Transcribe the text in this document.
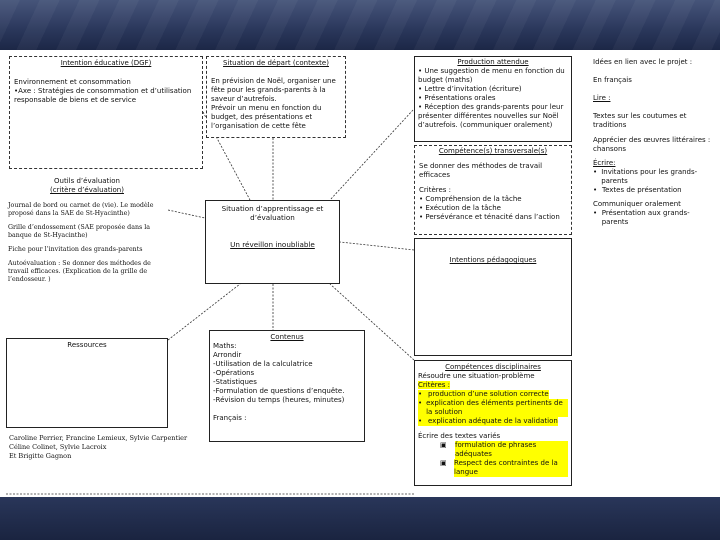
Intention éducative (DGF)
Environnement et consommation
•Axe : Stratégies de consommation et d’utilisation responsable de biens et de service
Situation de départ (contexte)
En prévision de Noël, organiser une fête pour les grands-parents à la saveur d’autrefois.
Prévoir un menu en fonction du budget, des présentations et l’organisation de cette fête
Production attendue
• Une suggestion de menu en fonction du budget (maths)
• Lettre d’invitation (écriture)
• Présentations orales
• Réception des grands-parents pour leur présenter différentes nouvelles sur Noël d’autrefois. (communiquer oralement)
Compétence(s) transversale(s)
Se donner des méthodes de travail efficaces
Critères :
• Compréhension de la tâche
• Exécution de la tâche
• Persévérance et ténacité dans l’action
Intentions pédagogiques
Outils d’évaluation
(critère d’évaluation)
Journal de bord ou carnet de (vie). Le modèle proposé dans la SAE de St-Hyacinthe)
Grille d’endossement (SAE proposée dans la banque de St-Hyacinthe)
Fiche pour l’invitation des grands-parents
Autoévaluation : Se donner des méthodes de travail efficaces. (Explication de la grille de l’endosseur. )
Situation d’apprentissage et d’évaluation
Un réveillon inoubliable
Ressources
Caroline Perrier, Francine Lemieux, Sylvie Carpentier
Céline Colinet, Sylvie Lacroix
Et Brigitte Gagnon
Contenus
Maths:
Arrondir
-Utilisation de la calculatrice
-Opérations
-Statistiques
-Formulation de questions d’enquête.
-Révision du temps (heures, minutes)
Français :
Compétences disciplinaires
Résoudre une situation-problème
Critères :
• production d’une solution correcte
• explication des éléments pertinents de la solution
• explication adéquate de la validation
Écrire des textes variés
▣	formulation de phrases adéquates
▣	Respect des contraintes de la langue
Idées en lien avec le projet :
En français
Lire :
Textes sur les coutumes et traditions
Apprécier des œuvres littéraires : chansons
Écrire:
• Invitations pour les grands-parents
• Textes de présentation
Communiquer oralement
• Présentation aux grands-parents
